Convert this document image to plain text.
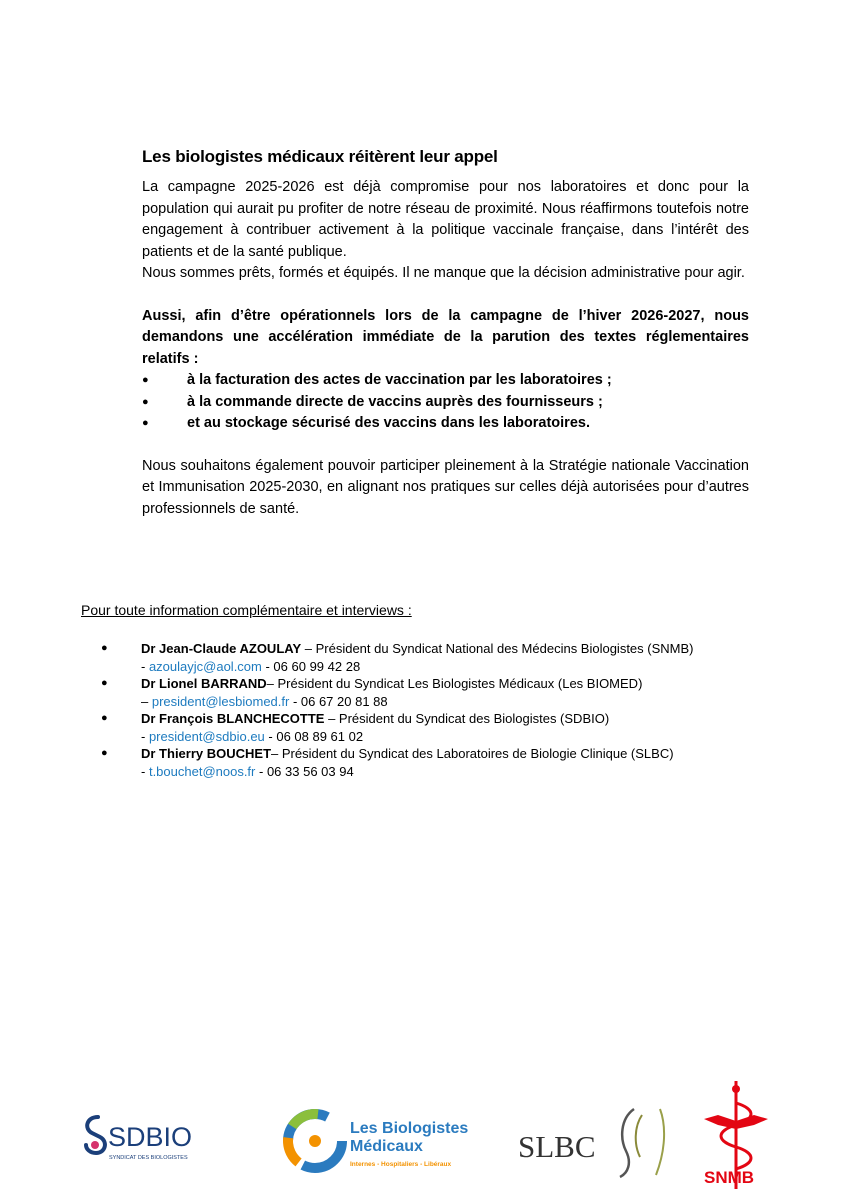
Les biologistes médicaux réitèrent leur appel

La campagne 2025-2026 est déjà compromise pour nos laboratoires et donc pour la population qui aurait pu profiter de notre réseau de proximité. Nous réaffirmons toutefois notre engagement à contribuer activement à la politique vaccinale française, dans l’intérêt des patients et de la santé publique.

Nous sommes prêts, formés et équipés. Il ne manque que la décision administrative pour agir.

Aussi, afin d’être opérationnels lors de la campagne de l’hiver 2026-2027, nous demandons une accélération immédiate de la parution des textes réglementaires relatifs :

●	à la facturation des actes de vaccination par les laboratoires ;
●	à la commande directe de vaccins auprès des fournisseurs ;
●	et au stockage sécurisé des vaccins dans les laboratoires.

Nous souhaitons également pouvoir participer pleinement à la Stratégie nationale Vaccination et Immunisation 2025-2030, en alignant nos pratiques sur celles déjà autorisées pour d’autres professionnels de santé.

Pour toute information complémentaire et interviews :
●	Dr Jean-Claude AZOULAY – Président du Syndicat National des Médecins Biologistes (SNMB)
- azoulayjc@aol.com - 06 60 99 42 28
●	Dr Lionel BARRAND– Président du Syndicat Les Biologistes Médicaux (Les BIOMED)
– president@lesbiomed.fr - 06 67 20 81 88
●	Dr François BLANCHECOTTE – Président du Syndicat des Biologistes (SDBIO)
- president@sdbio.eu - 06 08 89 61 02
●	Dr Thierry BOUCHET– Président du Syndicat des Laboratoires de Biologie Clinique (SLBC)
- t.bouchet@noos.fr - 06 33 56 03 94
SDBIO
SYNDICAT DES BIOLOGISTES
Les Biologistes
Médicaux
Internes - Hospitaliers - Libéraux
SLBC
SNMB
